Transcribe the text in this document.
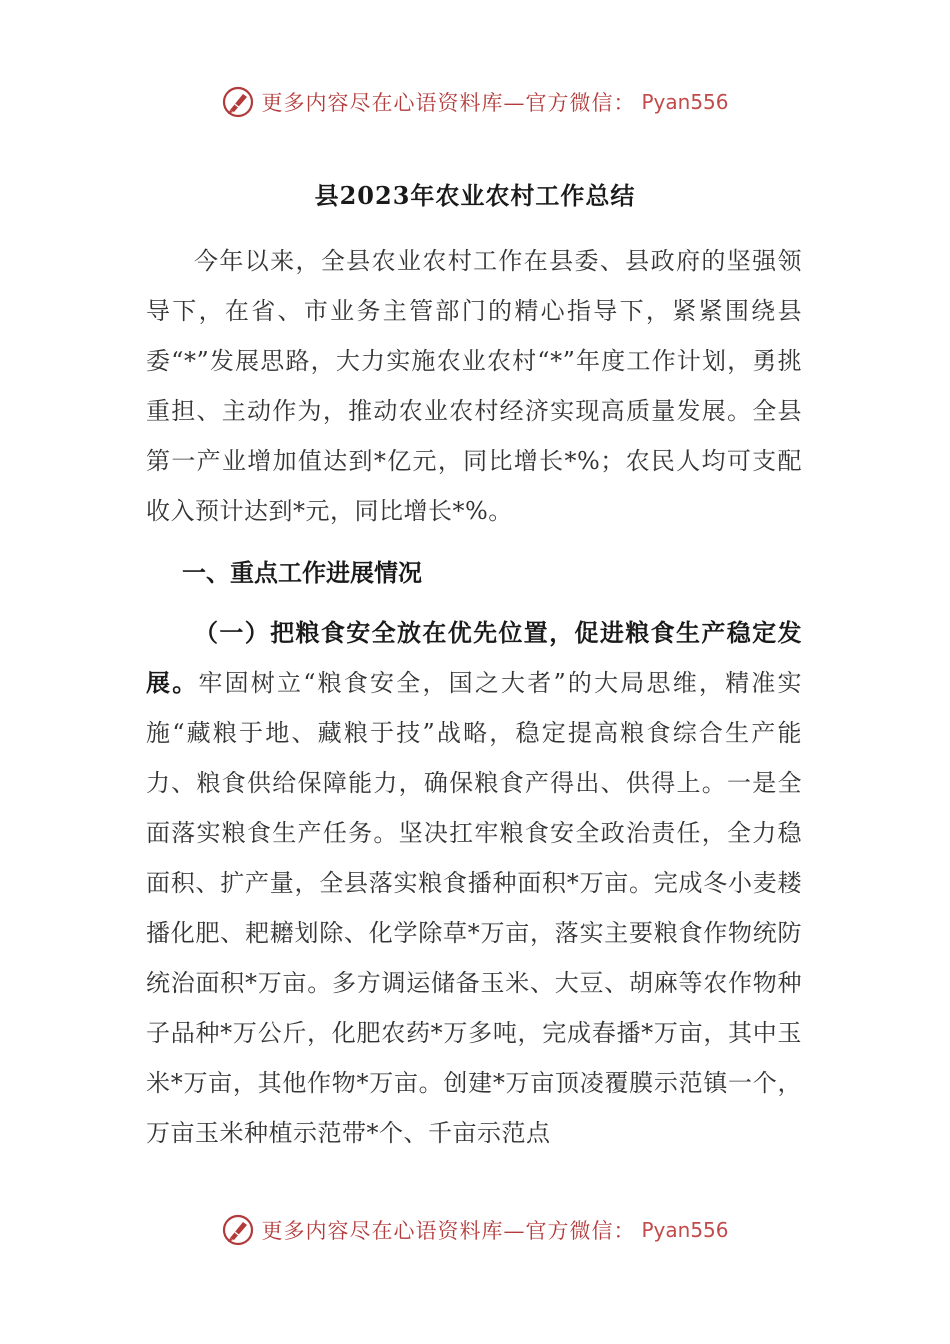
更多内容尽在心语资料库—官方微信： Pyan556
县2023年农业农村工作总结

今年以来，全县农业农村工作在县委、县政府的坚强领导下，在省、市业务主管部门的精心指导下，紧紧围绕县委“*”发展思路，大力实施农业农村“*”年度工作计划，勇挑重担、主动作为，推动农业农村经济实现高质量发展。全县第一产业增加值达到*亿元，同比增长*%；农民人均可支配收入预计达到*元，同比增长*%。

一、重点工作进展情况

（一）把粮食安全放在优先位置，促进粮食生产稳定发展。牢固树立“粮食安全，国之大者”的大局思维，精准实施“藏粮于地、藏粮于技”战略，稳定提高粮食综合生产能力、粮食供给保障能力，确保粮食产得出、供得上。一是全面落实粮食生产任务。坚决扛牢粮食安全政治责任，全力稳面积、扩产量，全县落实粮食播种面积*万亩。完成冬小麦耧播化肥、耙耱划除、化学除草*万亩，落实主要粮食作物统防统治面积*万亩。多方调运储备玉米、大豆、胡麻等农作物种子品种*万公斤，化肥农药*万多吨，完成春播*万亩，其中玉米*万亩，其他作物*万亩。创建*万亩顶凌覆膜示范镇一个，万亩玉米种植示范带*个、千亩示范点

更多内容尽在心语资料库—官方微信： Pyan556
